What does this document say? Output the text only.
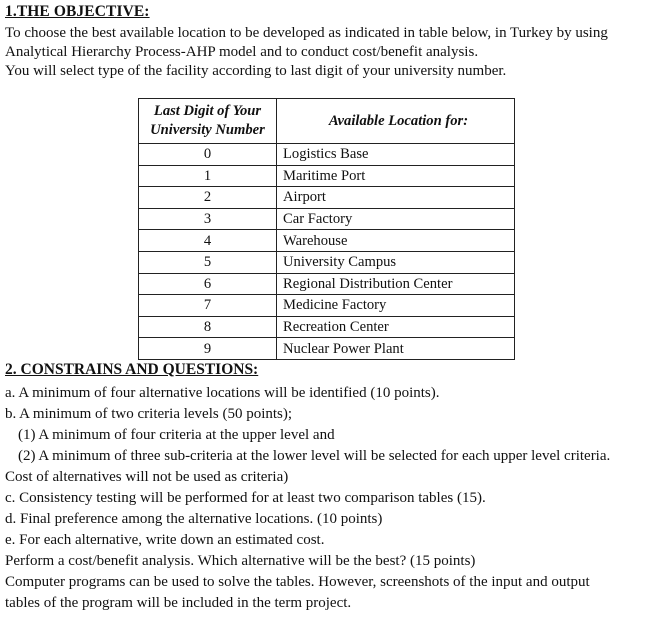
1.THE OBJECTIVE:
To choose the best available location to be developed as indicated in table below, in Turkey by using
Analytical Hierarchy Process-AHP model and to conduct cost/benefit analysis.
You will select type of the facility according to last digit of your university number.
Last Digit of Your University Number	Available Location for:
0	Logistics Base
1	Maritime Port
2	Airport
3	Car Factory
4	Warehouse
5	University Campus
6	Regional Distribution Center
7	Medicine Factory
8	Recreation Center
9	Nuclear Power Plant
2. CONSTRAINS AND QUESTIONS:
a. A minimum of four alternative locations will be identified (10 points).
b. A minimum of two criteria levels (50 points);
(1) A minimum of four criteria at the upper level and
(2) A minimum of three sub-criteria at the lower level will be selected for each upper level criteria.
Cost of alternatives will not be used as criteria)
c. Consistency testing will be performed for at least two comparison tables (15).
d. Final preference among the alternative locations. (10 points)
e. For each alternative, write down an estimated cost.
Perform a cost/benefit analysis. Which alternative will be the best? (15 points)
Computer programs can be used to solve the tables. However, screenshots of the input and output
tables of the program will be included in the term project.
